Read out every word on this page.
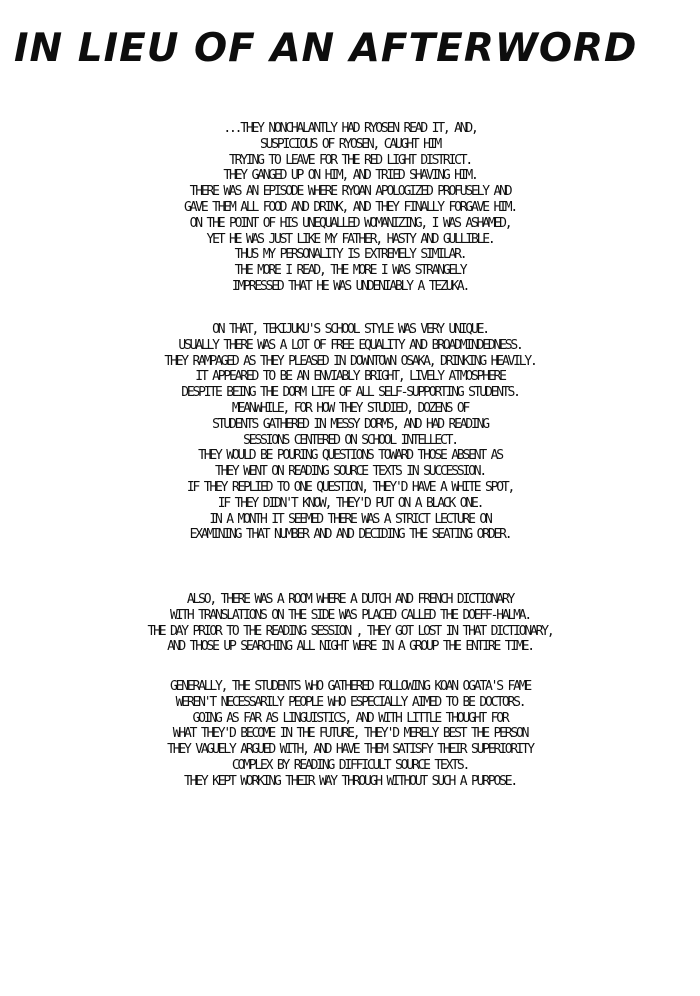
IN LIEU OF AN AFTERWORD

...THEY NONCHALANTLY HAD RYOSEN READ IT, AND,
SUSPICIOUS OF RYOSEN, CAUGHT HIM
TRYING TO LEAVE FOR THE RED LIGHT DISTRICT.
THEY GANGED UP ON HIM, AND TRIED SHAVING HIM.
THERE WAS AN EPISODE WHERE RYOAN APOLOGIZED PROFUSELY AND
GAVE THEM ALL FOOD AND DRINK, AND THEY FINALLY FORGAVE HIM.
ON THE POINT OF HIS UNEQUALLED WOMANIZING, I WAS ASHAMED,
YET HE WAS JUST LIKE MY FATHER, HASTY AND GULLIBLE.
THUS MY PERSONALITY IS EXTREMELY SIMILAR.
THE MORE I READ, THE MORE I WAS STRANGELY
IMPRESSED THAT HE WAS UNDENIABLY A TEZUKA.

ON THAT, TEKIJUKU'S SCHOOL STYLE WAS VERY UNIQUE.
USUALLY THERE WAS A LOT OF FREE EQUALITY AND BROADMINDEDNESS.
THEY RAMPAGED AS THEY PLEASED IN DOWNTOWN OSAKA, DRINKING HEAVILY.
IT APPEARED TO BE AN ENVIABLY BRIGHT, LIVELY ATMOSPHERE
DESPITE BEING THE DORM LIFE OF ALL SELF-SUPPORTING STUDENTS.
MEANWHILE, FOR HOW THEY STUDIED, DOZENS OF
STUDENTS GATHERED IN MESSY DORMS, AND HAD READING
SESSIONS CENTERED ON SCHOOL INTELLECT.
THEY WOULD BE POURING QUESTIONS TOWARD THOSE ABSENT AS
THEY WENT ON READING SOURCE TEXTS IN SUCCESSION.
IF THEY REPLIED TO ONE QUESTION, THEY'D HAVE A WHITE SPOT,
IF THEY DIDN'T KNOW, THEY'D PUT ON A BLACK ONE.
IN A MONTH IT SEEMED THERE WAS A STRICT LECTURE ON
EXAMINING THAT NUMBER AND AND DECIDING THE SEATING ORDER.

ALSO, THERE WAS A ROOM WHERE A DUTCH AND FRENCH DICTIONARY
WITH TRANSLATIONS ON THE SIDE WAS PLACED CALLED THE DOEFF-HALMA.
THE DAY PRIOR TO THE READING SESSION , THEY GOT LOST IN THAT DICTIONARY,
AND THOSE UP SEARCHING ALL NIGHT WERE IN A GROUP THE ENTIRE TIME.

GENERALLY, THE STUDENTS WHO GATHERED FOLLOWING KOAN OGATA'S FAME
WEREN'T NECESSARILY PEOPLE WHO ESPECIALLY AIMED TO BE DOCTORS.
GOING AS FAR AS LINGUISTICS, AND WITH LITTLE THOUGHT FOR
WHAT THEY'D BECOME IN THE FUTURE, THEY'D MERELY BEST THE PERSON
THEY VAGUELY ARGUED WITH, AND HAVE THEM SATISFY THEIR SUPERIORITY
COMPLEX BY READING DIFFICULT SOURCE TEXTS.
THEY KEPT WORKING THEIR WAY THROUGH WITHOUT SUCH A PURPOSE.
